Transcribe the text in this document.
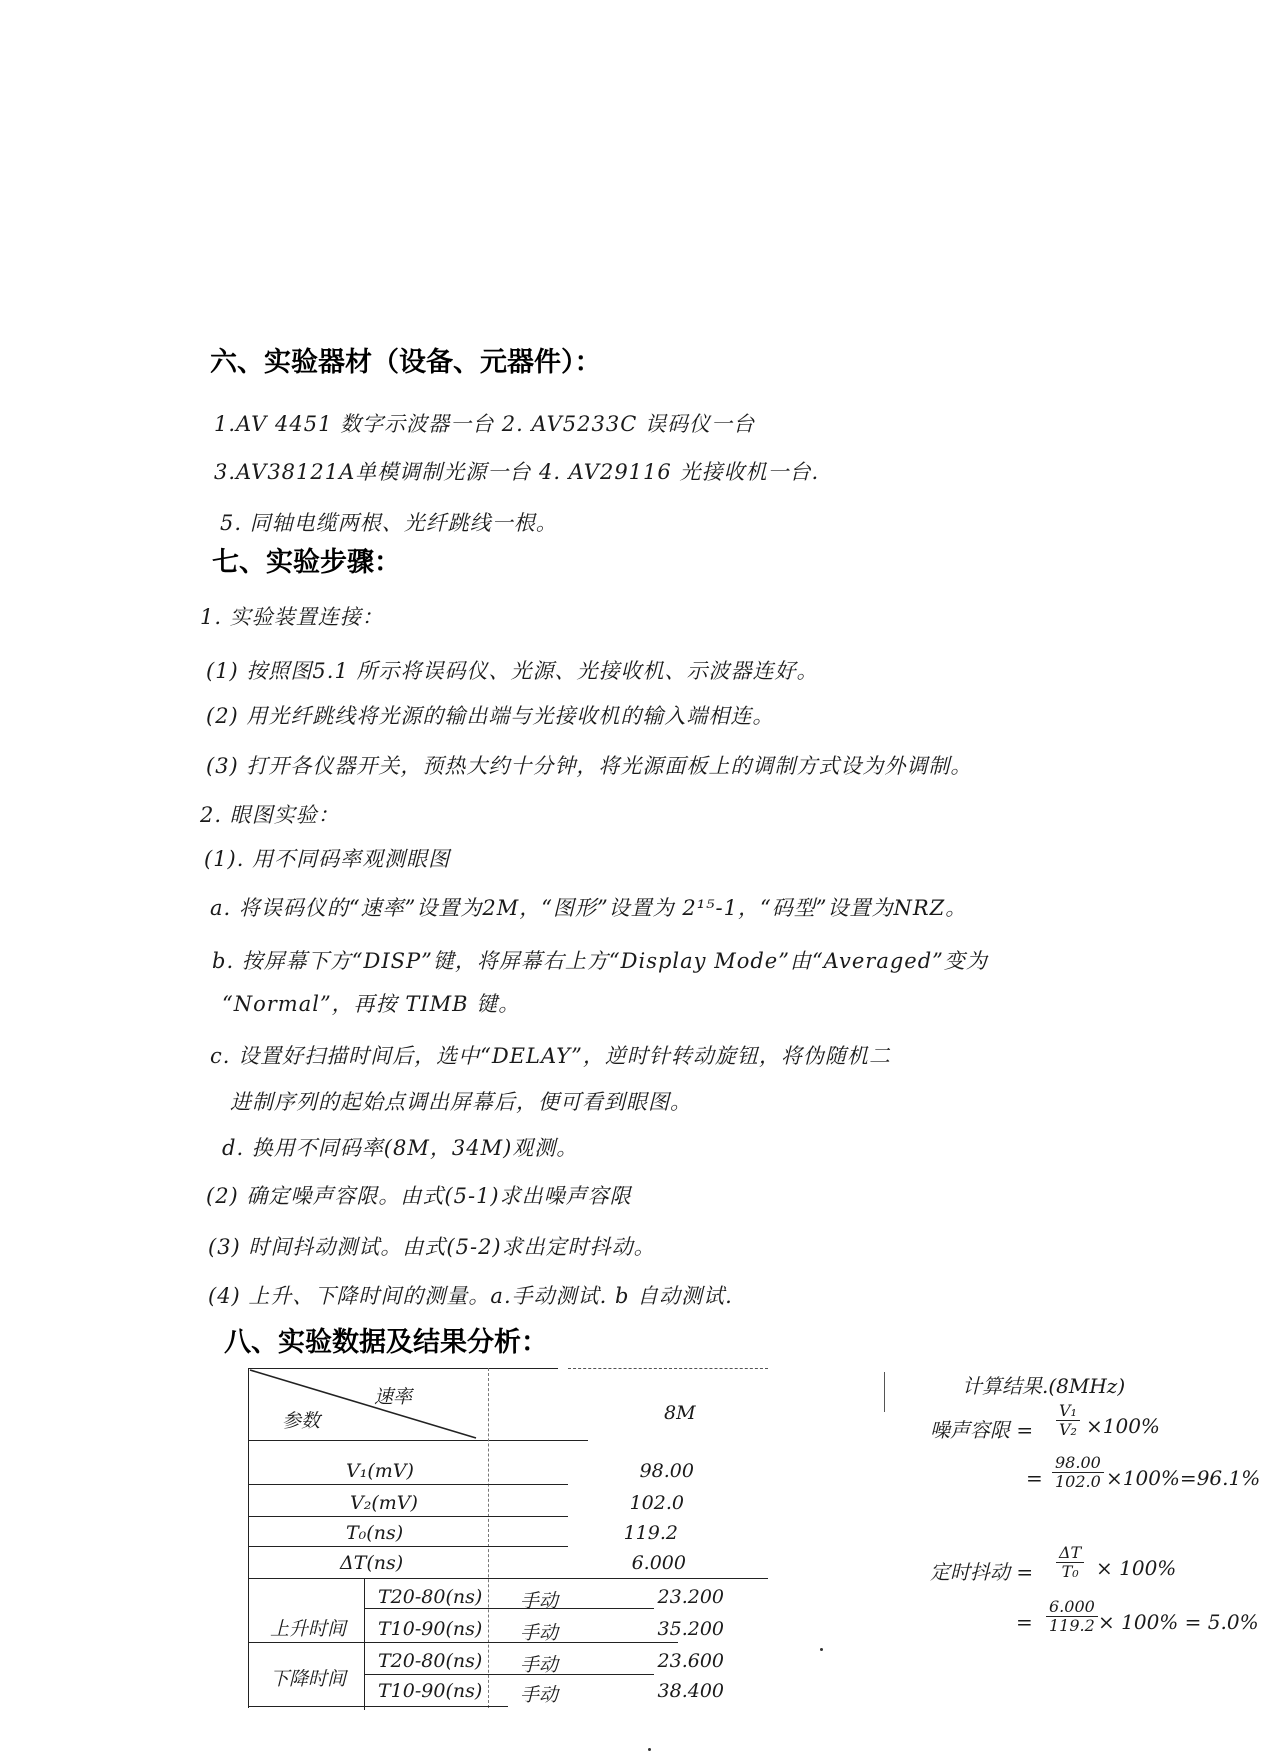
六、实验器材（设备、元器件）：
1.AV 4451 数字示波器一台 2. AV5233C 误码仪一台
3.AV38121A单模调制光源一台 4. AV29116 光接收机一台.
5. 同轴电缆两根、光纤跳线一根。
七、实验步骤：
1. 实验装置连接：
(1) 按照图5.1 所示将误码仪、光源、光接收机、示波器连好。
(2) 用光纤跳线将光源的输出端与光接收机的输入端相连。
(3) 打开各仪器开关，预热大约十分钟，将光源面板上的调制方式设为外调制。
2. 眼图实验：
(1). 用不同码率观测眼图
a. 将误码仪的“速率”设置为2M，“图形”设置为 2¹⁵-1，“码型”设置为NRZ。
b. 按屏幕下方“DISP”键，将屏幕右上方“Display Mode”由“Averaged”变为
“Normal”，再按 TIMB 键。
c. 设置好扫描时间后，选中“DELAY”，逆时针转动旋钮，将伪随机二
进制序列的起始点调出屏幕后，便可看到眼图。
d. 换用不同码率(8M，34M)观测。
(2) 确定噪声容限。由式(5-1)求出噪声容限
(3) 时间抖动测试。由式(5-2)求出定时抖动。
(4) 上升、下降时间的测量。a.手动测试. b 自动测试.
八、实验数据及结果分析：
速率
参数	8M
V₁(mV)	98.00
V₂(mV)	102.0
T₀(ns)	119.2
ΔT(ns)	6.000
上升时间
T20-80(ns) 手动	23.200
T10-90(ns) 手动	35.200
下降时间
T20-80(ns) 手动	23.600
T10-90(ns) 手动	38.400
计算结果.(8MHz)
噪声容限 = $\frac{\text{V₁}}{\text{V₂}} \times 100\%$
= $\frac{98.00}{102.0} \times 100\%=96.1\%$
定时抖动 = $\frac{\Delta T}{\text{T₀}} \times 100\%$
= $\frac{6.000}{119.2} \times 100\% = 5.0\%$
